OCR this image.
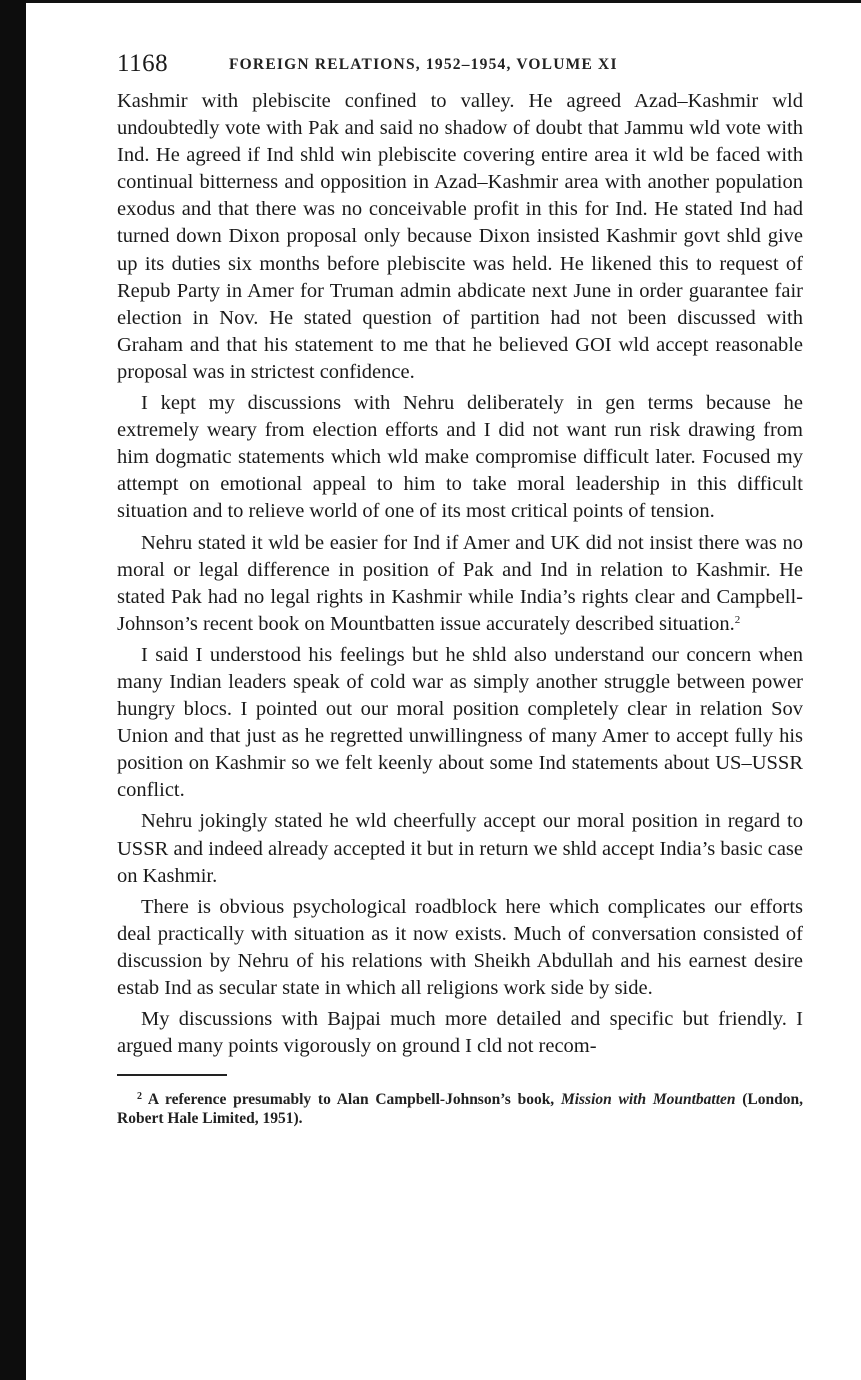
1168	FOREIGN RELATIONS, 1952–1954, VOLUME XI

Kashmir with plebiscite confined to valley. He agreed Azad–Kashmir wld undoubtedly vote with Pak and said no shadow of doubt that Jammu wld vote with Ind. He agreed if Ind shld win plebiscite covering entire area it wld be faced with continual bitterness and opposition in Azad–Kashmir area with another population exodus and that there was no conceivable profit in this for Ind. He stated Ind had turned down Dixon proposal only because Dixon insisted Kashmir govt shld give up its duties six months before plebiscite was held. He likened this to request of Repub Party in Amer for Truman admin abdicate next June in order guarantee fair election in Nov. He stated question of partition had not been discussed with Graham and that his statement to me that he believed GOI wld accept reasonable proposal was in strictest confidence.

I kept my discussions with Nehru deliberately in gen terms because he extremely weary from election efforts and I did not want run risk drawing from him dogmatic statements which wld make compromise difficult later. Focused my attempt on emotional appeal to him to take moral leadership in this difficult situation and to relieve world of one of its most critical points of tension.

Nehru stated it wld be easier for Ind if Amer and UK did not insist there was no moral or legal difference in position of Pak and Ind in relation to Kashmir. He stated Pak had no legal rights in Kashmir while India’s rights clear and Campbell-Johnson’s recent book on Mountbatten issue accurately described situation.$^2$

I said I understood his feelings but he shld also understand our concern when many Indian leaders speak of cold war as simply another struggle between power hungry blocs. I pointed out our moral position completely clear in relation Sov Union and that just as he regretted unwillingness of many Amer to accept fully his position on Kashmir so we felt keenly about some Ind statements about US–USSR conflict.

Nehru jokingly stated he wld cheerfully accept our moral position in regard to USSR and indeed already accepted it but in return we shld accept India’s basic case on Kashmir.

There is obvious psychological roadblock here which complicates our efforts deal practically with situation as it now exists. Much of conversation consisted of discussion by Nehru of his relations with Sheikh Abdullah and his earnest desire estab Ind as secular state in which all religions work side by side.

My discussions with Bajpai much more detailed and specific but friendly. I argued many points vigorously on ground I cld not recom-

$^2$ A reference presumably to Alan Campbell-Johnson’s book, Mission with Mountbatten (London, Robert Hale Limited, 1951).
